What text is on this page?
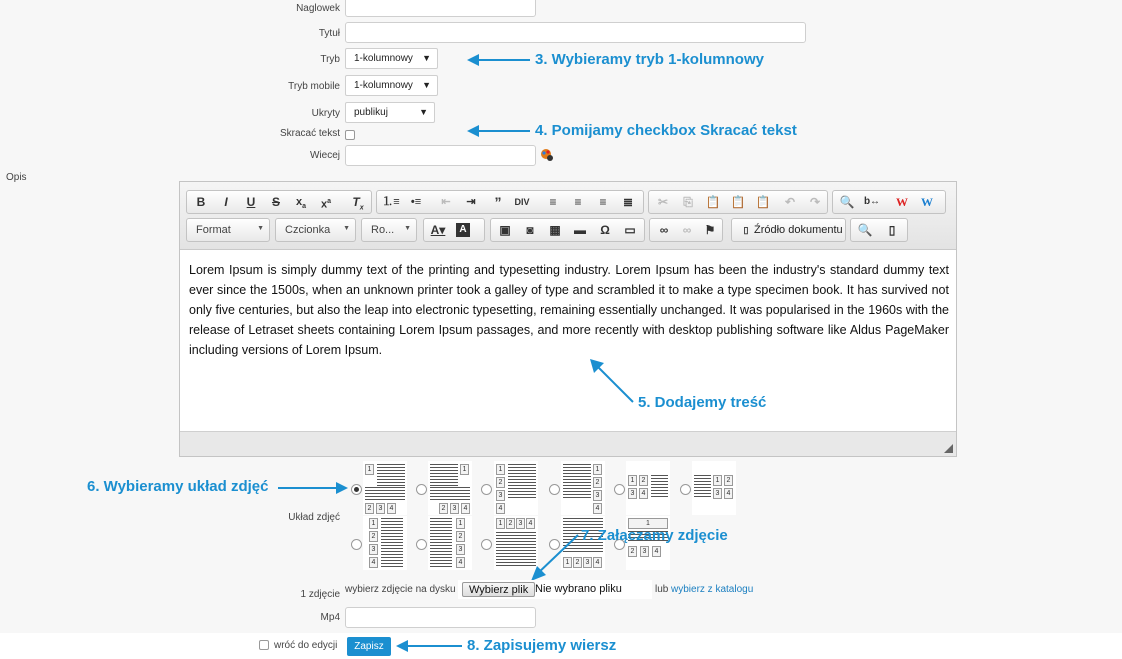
Naglowek
Tytuł
Tryb	1-kolumnowy ▼
Tryb mobile	1-kolumnowy ▼
Ukryty	publikuj	▼
Skracać tekst
Wiecej
Opis
3. Wybieramy tryb 1-kolumnowy
4. Pomijamy checkbox Skracać tekst
B	I	U	S	$x_a$	$x^a$	$T_x$	⒈≡	•≡	⇤	⇥	”	DIV	≡	≡	≡	≣	✂	⎘	📋 📋 📋	↶	↷	🔍 b↔	W	W
Format	▼	Czcionka ▼	Ro... ▼	A▾	A	▣	◙	▦	▬	Ω	▭	∞	∞	⚑	▯ Źródło dokumentu 🔍	▯
Lorem Ipsum is simply dummy text of the printing and typesetting industry. Lorem Ipsum has been the industry's standard dummy text ever since the 1500s, when an unknown printer took a galley of type and scrambled it to make a type specimen book. It has survived not only five centuries, but also the leap into electronic typesetting, remaining essentially unchanged. It was popularised in the 1960s with the release of Letraset sheets containing Lorem Ipsum passages, and more recently with desktop publishing software like Aldus PageMaker including versions of Lorem Ipsum.
5. Dodajemy treść
Układ zdjęć
6. Wybieramy układ zdjęć
1
2	3	4
1
2	3	4
1
2
3
4
1
2
3
4
1	2
3	4
1	2
3	4
1
2
3
4
1
2
3
4
1 2 3 4
1 2 3 4
1
2	3	4
7. Załączamy zdjęcie
1 zdjęcie wybierz zdjęcie na dysku	Wybierz plik Nie wybrano pliku	lub wybierz z katalogu
Mp4
wróć do edycji	Zapisz	8. Zapisujemy wiersz
